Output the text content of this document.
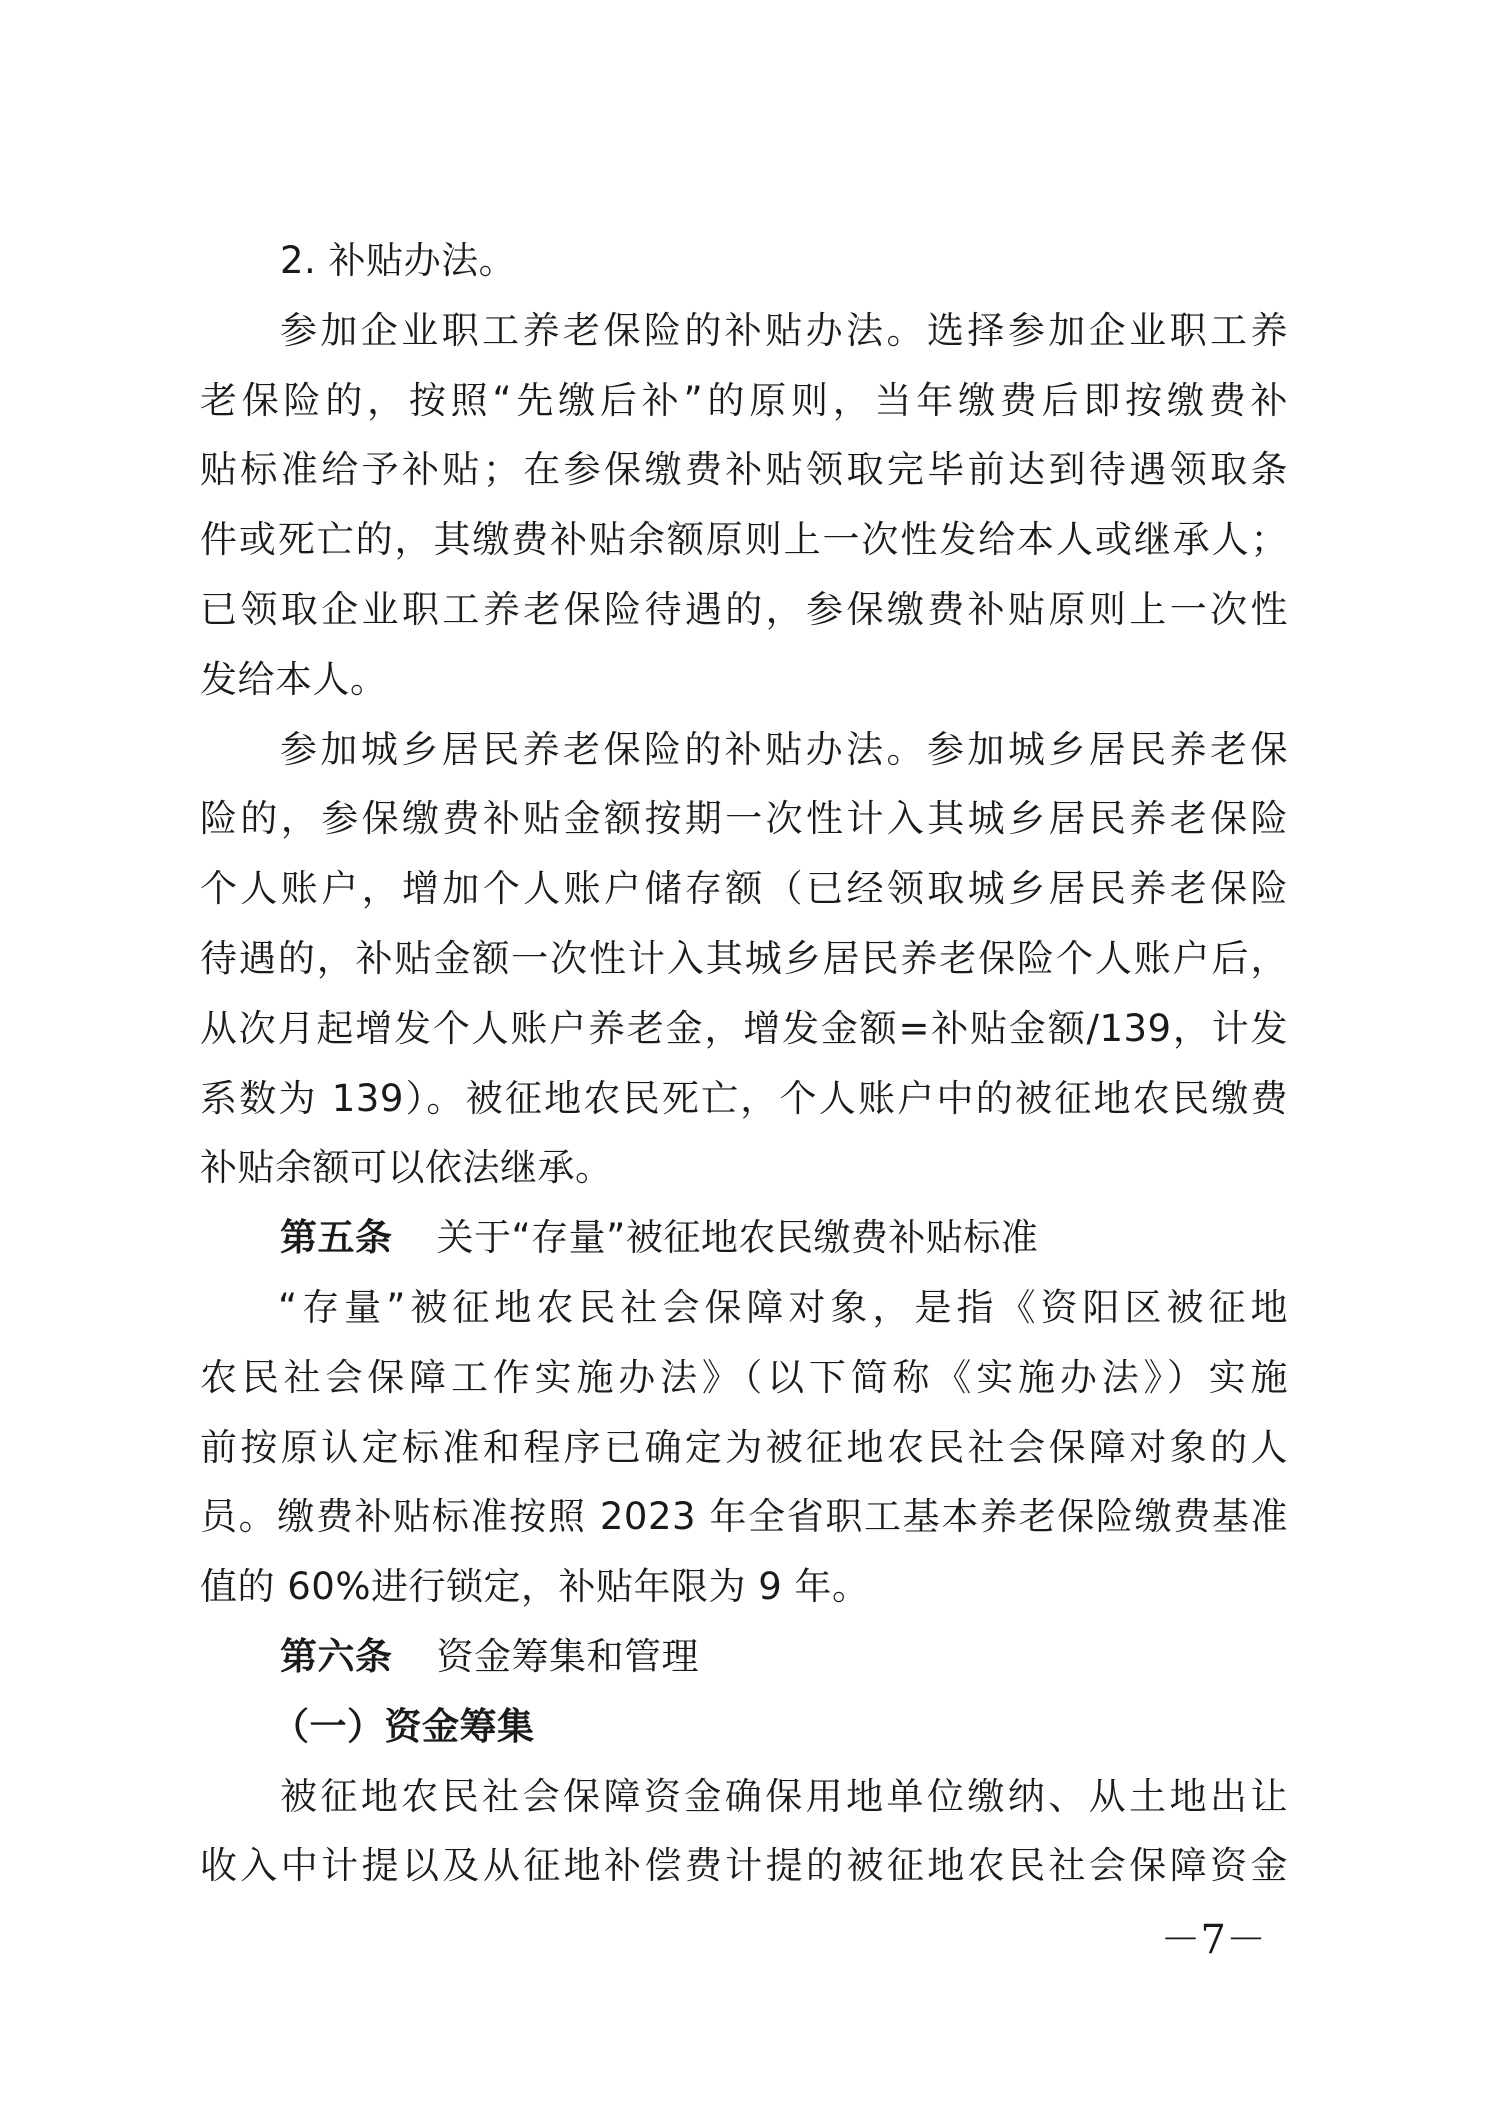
2. 补贴办法。
参加企业职工养老保险的补贴办法。选择参加企业职工养
老保险的，按照“先缴后补”的原则，当年缴费后即按缴费补
贴标准给予补贴；在参保缴费补贴领取完毕前达到待遇领取条
件或死亡的，其缴费补贴余额原则上一次性发给本人或继承人；
已领取企业职工养老保险待遇的，参保缴费补贴原则上一次性
发给本人。
参加城乡居民养老保险的补贴办法。参加城乡居民养老保
险的，参保缴费补贴金额按期一次性计入其城乡居民养老保险
个人账户，增加个人账户储存额（已经领取城乡居民养老保险
待遇的，补贴金额一次性计入其城乡居民养老保险个人账户后，
从次月起增发个人账户养老金，增发金额=补贴金额/139，计发
系数为 139）。被征地农民死亡，个人账户中的被征地农民缴费
补贴余额可以依法继承。
第五条 关于“存量”被征地农民缴费补贴标准
“存量”被征地农民社会保障对象，是指《资阳区被征地
农民社会保障工作实施办法》（以下简称《实施办法》）实施
前按原认定标准和程序已确定为被征地农民社会保障对象的人
员。缴费补贴标准按照 2023 年全省职工基本养老保险缴费基准
值的 60%进行锁定，补贴年限为 9 年。
第六条 资金筹集和管理
（一）资金筹集
被征地农民社会保障资金确保用地单位缴纳、从土地出让
收入中计提以及从征地补偿费计提的被征地农民社会保障资金
－7－
